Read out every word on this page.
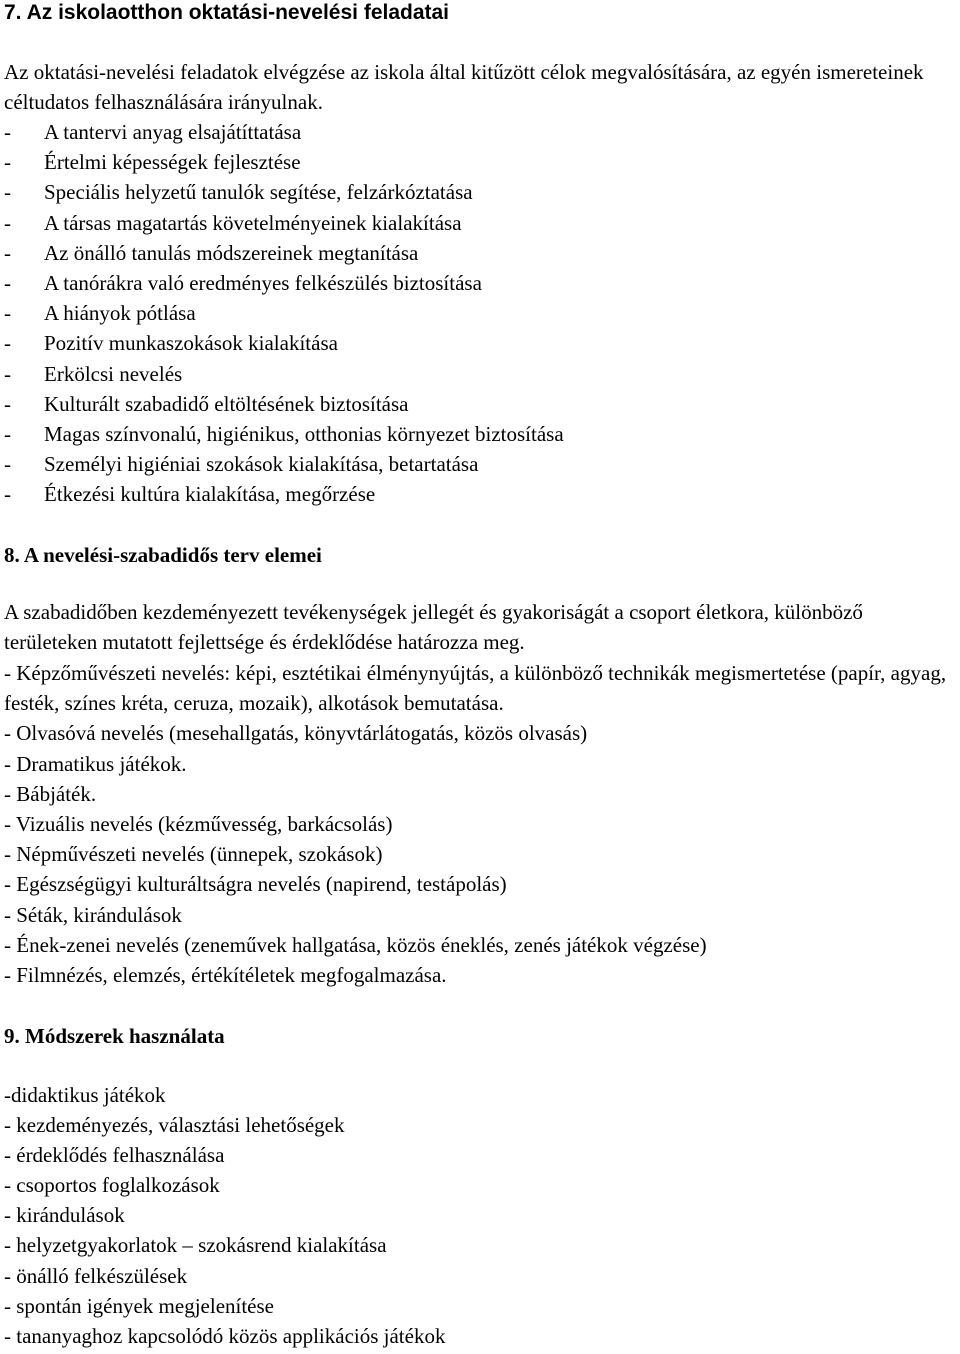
7. Az iskolaotthon oktatási-nevelési feladatai
Az oktatási-nevelési feladatok elvégzése az iskola által kitűzött célok megvalósítására, az egyén ismereteinek céltudatos felhasználására irányulnak.
- A tantervi anyag elsajátíttatása
- Értelmi képességek fejlesztése
- Speciális helyzetű tanulók segítése, felzárkóztatása
- A társas magatartás követelményeinek kialakítása
- Az önálló tanulás módszereinek megtanítása
- A tanórákra való eredményes felkészülés biztosítása
- A hiányok pótlása
- Pozitív munkaszokások kialakítása
- Erkölcsi nevelés
- Kulturált szabadidő eltöltésének biztosítása
- Magas színvonalú, higiénikus, otthonias környezet biztosítása
- Személyi higiéniai szokások kialakítása, betartatása
- Étkezési kultúra kialakítása, megőrzése
8. A nevelési-szabadidős terv elemei
A szabadidőben kezdeményezett tevékenységek jellegét és gyakoriságát a csoport életkora, különböző területeken mutatott fejlettsége és érdeklődése határozza meg.
- Képzőművészeti nevelés: képi, esztétikai élménynyújtás, a különböző technikák megismertetése (papír, agyag, festék, színes kréta, ceruza, mozaik), alkotások bemutatása.
- Olvasóvá nevelés (mesehallgatás, könyvtárlátogatás, közös olvasás)
- Dramatikus játékok.
- Bábjáték.
- Vizuális nevelés (kézművesség, barkácsolás)
- Népművészeti nevelés (ünnepek, szokások)
- Egészségügyi kulturáltságra nevelés (napirend, testápolás)
- Séták, kirándulások
- Ének-zenei nevelés (zeneművek hallgatása, közös éneklés, zenés játékok végzése)
- Filmnézés, elemzés, értékítéletek megfogalmazása.
9. Módszerek használata
-didaktikus játékok
- kezdeményezés, választási lehetőségek
- érdeklődés felhasználása
- csoportos foglalkozások
- kirándulások
- helyzetgyakorlatok – szokásrend kialakítása
- önálló felkészülések
- spontán igények megjelenítése
- tananyaghoz kapcsolódó közös applikációs játékok
